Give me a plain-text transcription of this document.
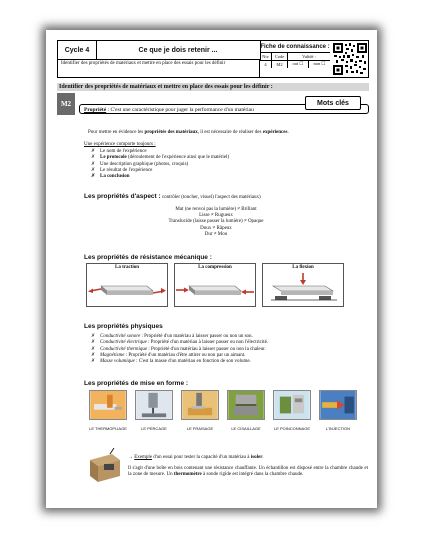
Cycle 4	Ce que je dois retenir ...
Identifier des propriétés de matériaux et mettre en place des essais pour les définir
Fiche de connaissance :
Niv	Code	Validé :
4	M2	oui ☐	non ☐
Identifier des propriétés de matériaux et mettre en place des essais pour les définir :
M2
Propriété : C'est une caractéristique pour juger la performance d'un matériau
Mots clés
Pour mettre en évidence les propriétés des matériaux, il est nécessaire de réaliser des expériences.
Une expérience comporte toujours :
✗ Le nom de l'expérience
✗ Le protocole (déroulement de l'expérience ainsi que le matériel)
✗ Une description graphique (photos, croquis)
✗ Le résultat de l'expérience
✗ La conclusion
Les propriétés d'aspect : contrôler (toucher, visuel) l'aspect des matériaux)
Mat (ne renvoi pas la lumière) ≠ Brillant
Lisse ≠ Rugueux
Translucide (laisse passer la lumière) ≠ Opaque
Doux ≠ Râpeux
Dur ≠ Mou
Les propriétés de résistance mécanique :
La traction	La compression	La flexion
Les propriétés physiques
✗ Conductivité sonore : Propriété d'un matériau à laisser passer ou non un son.
✗ Conductivité électrique : Propriété d'un matériau à laisser passer ou non l'électricité.
✗ Conductivité thermique : Propriété d'un matériau à laisser passer ou non la chaleur.
✗ Magnétisme : Propriété d'un matériau d'être attirer ou non par un aimant.
✗ Masse volumique : C'est la masse d'un matériau en fonction de son volume.
Les propriétés de mise en forme :
LE THERMOPLIAGE	LE PERCAGE	LE FRAISAGE	LE CISAILLAGE	LE POINCONNAGE	L'INJECTION
→ Exemple d'un essai pour tester la capacité d'un matériau à isoler.
Il s'agit d'une boîte en bois contenant une résistance chauffante. Un échantillon est disposé entre la chambre chaude et la zone de mesure. Un thermomètre à sonde rigide est intégré dans la chambre chaude.
